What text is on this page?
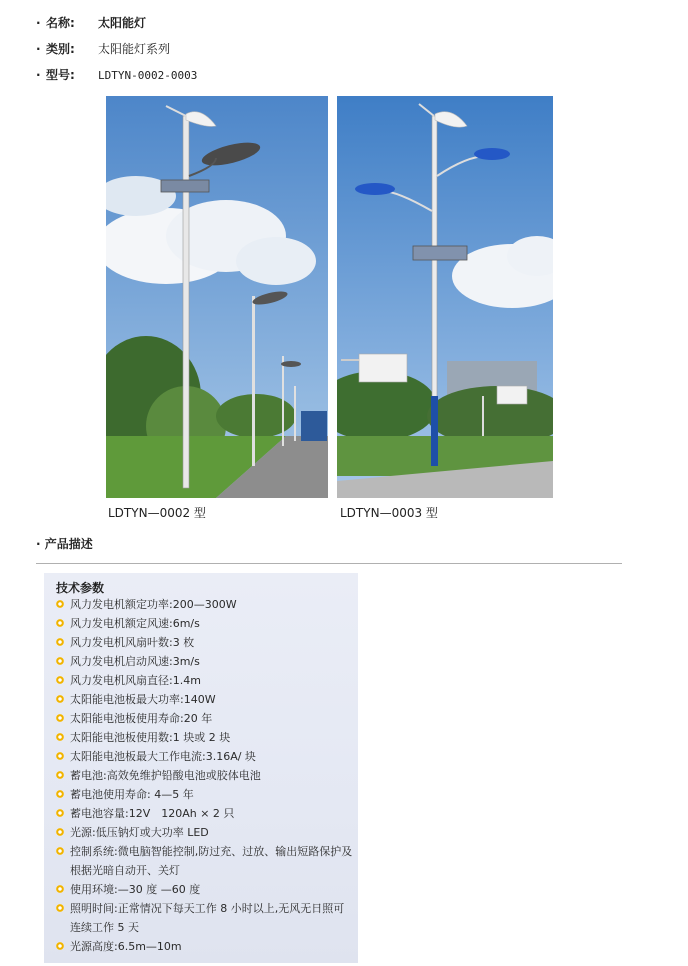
· 名称: 太阳能灯
· 类别: 太阳能灯系列
· 型号: LDTYN-0002-0003
LDTYN—0002 型	LDTYN—0003 型
· 产品描述
技术参数
风力发电机额定功率:200—300W
风力发电机额定风速:6m/s
风力发电机风扇叶数:3 枚
风力发电机启动风速:3m/s
风力发电机风扇直径:1.4m
太阳能电池板最大功率:140W
太阳能电池板使用寿命:20 年
太阳能电池板使用数:1 块或 2 块
太阳能电池板最大工作电流:3.16A/ 块
蓄电池:高效免维护铅酸电池或胶体电池
蓄电池使用寿命: 4—5 年
蓄电池容量:12V　120Ah × 2 只
光源:低压钠灯或大功率 LED
控制系统:微电脑智能控制,防过充、过放、输出短路保护及根据光暗自动开、关灯
使用环境:—30 度 —60 度
照明时间:正常情况下每天工作 8 小时以上,无风无日照可连续工作 5 天
光源高度:6.5m—10m
